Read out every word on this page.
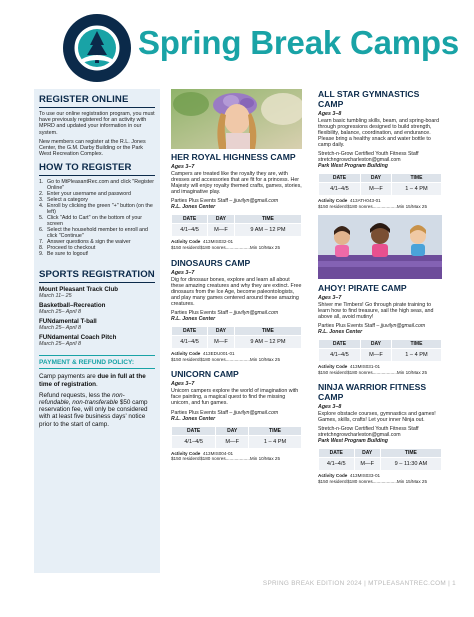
Spring Break Camps
REGISTER ONLINE
To use our online registration program, you must have previously registered for an activity with MPRD and updated your information in our system.
New members can register at the R.L. Jones Center, the G.M. Darby Building or the Park West Recreation Complex.
HOW TO REGISTER
1. Go to MtPleasantRec.com and click "Register Online"
2. Enter your username and password
3. Select a category
4. Enroll by clicking the green "+" button (on the left)
5. Click "Add to Cart" on the bottom of your screen
6. Select the household member to enroll and click "Continue"
7. Answer questions & sign the waiver
8. Proceed to checkout
9. Be sure to logout!
SPORTS REGISTRATION
Mount Pleasant Track Club
March 11– 25
Basketball–Recreation
March 25– April 8
FUNdamental T-ball
March 25– April 8
FUNdamental Coach Pitch
March 25– April 8
PAYMENT & REFUND POLICY:
Camp payments are due in full at the time of registration.
Refund requests, less the non-refundable, non-transferable $50 camp reservation fee, will only be considered with at least five business days' notice prior to the start of camp.
HER ROYAL HIGHNESS CAMP
Ages 3–7
Campers are treated like the royalty they are, with dresses and accessories that are fit for a princess. Her Majesty will enjoy royalty themed crafts, games, stories, and imaginative play.
Parties Plus Events Staff – jjuvilyn@gmail.com
R.L. Jones Center
DATE	DAY	TIME
4/1–4/5	M—F	9 AM – 12 PM
Activity Code 413MIS032-01
$150 resident/$180 nonres...................Min 10/Max 25
DINOSAURS CAMP
Ages 3–7
Dig for dinosaur bones, explore and learn all about these amazing creatures and why they are extinct. Free dinosaurs from the Ice Age, become paleontologists, and play many games centered around these amazing creatures.
Parties Plus Events Staff – jjuvilyn@gmail.com
R.L. Jones Center
DATE	DAY	TIME
4/1–4/5	M—F	9 AM – 12 PM
Activity Code 413EDU001-01
$150 resident/$180 nonres...................Min 10/Max 25
UNICORN CAMP
Ages 3–7
Unicorn campers explore the world of imagination with face painting, a magical quest to find the missing unicorn, and fun games.
Parties Plus Events Staff – jjuvilyn@gmail.com
R.L. Jones Center
DATE	DAY	TIME
4/1–4/5	M—F	1 – 4 PM
Activity Code 413MIS004-01
$150 resident/$180 nonres...................Min 10/Max 25
ALL STAR GYMNASTICS CAMP
Ages 3–8
Learn basic tumbling skills, beam, and spring-board through progressions designed to build strength, flexibility, balance, coordination, and endurance. Please bring a healthy snack and water bottle to camp daily.
Stretch-n-Grow Certified Youth Fitness Staff
stretchngrowcharleston@gmail.com
Park West Program Building
DATE	DAY	TIME
4/1–4/5	M—F	1 – 4 PM
Activity Code 413ATH043-01
$150 resident/$180 nonres...................Min 15/Max 25
AHOY! PIRATE CAMP
Ages 3–7
Shiver me Timbers! Go through pirate training to learn how to find treasure, sail the high seas, and above all, avoid mutiny!
Parties Plus Events Staff – jjuvilyn@gmail.com
R.L. Jones Center
DATE	DAY	TIME
4/1–4/5	M—F	1 – 4 PM
Activity Code 413MIS031-01
$150 resident/$180 nonres...................Min 10/Max 25
NINJA WARRIOR FITNESS CAMP
Ages 3–8
Explore obstacle courses, gymnastics and games! Games, skills, crafts! Let your inner Ninja out.
Stretch-n-Grow Certified Youth Fitness Staff
stretchngrowcharleston@gmail.com
Park West Program Building
DATE	DAY	TIME
4/1–4/5	M—F	9 – 11:30 AM
Activity Code 413MIS033-01
$150 resident/$180 nonres...................Min 15/Max 25
SPRING BREAK EDITION 2024 | MTPLEASANTREC.COM | 1
